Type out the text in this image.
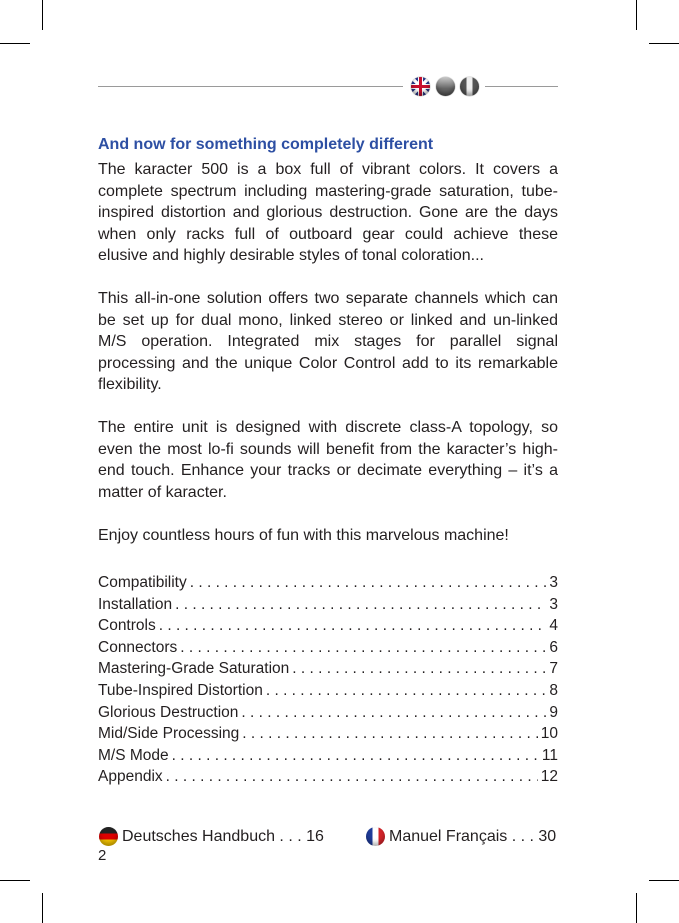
And now for something completely different

The karacter 500 is a box full of vibrant colors. It covers a complete spectrum including mastering-grade saturation, tube-inspired distortion and glorious destruction. Gone are the days when only racks full of outboard gear could achieve these elusive and highly desirable styles of tonal coloration...

This all-in-one solution offers two separate channels which can be set up for dual mono, linked stereo or linked and un-linked M/S operation. Integrated mix stages for parallel signal processing and the unique Color Control add to its remarkable flexibility.

The entire unit is designed with discrete class-A topology, so even the most lo-fi sounds will benefit from the karacter’s high-end touch. Enhance your tracks or decimate everything – it’s a matter of karacter.

Enjoy countless hours of fun with this marvelous machine!

Compatibility . . .	3
Installation . . .	3
Controls . . .	4
Connectors . . .	6
Mastering-Grade Saturation . . .	7
Tube-Inspired Distortion . . .	8
Glorious Destruction . . .	9
Mid/Side Processing . . .	10
M/S Mode . . .	11
Appendix . . .	12
Deutsches Handbuch . . . 16	Manuel Français . . . 30
2
